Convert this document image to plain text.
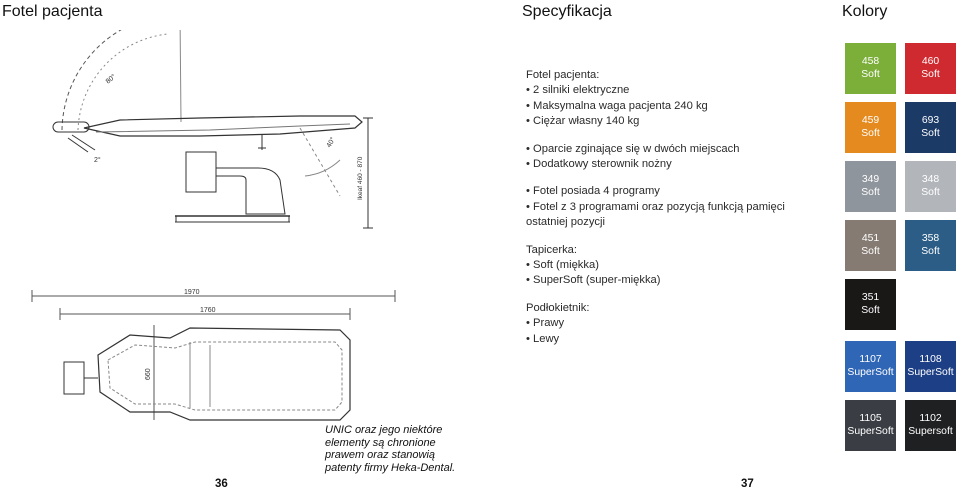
Fotel pacjenta	Specyfikacja	Kolory
80°
2°
40°
Ikeaf 460 - 870
1970
1760
660
Fotel pacjenta:
• 2 silniki elektryczne
• Maksymalna waga pacjenta 240 kg
• Ciężar własny 140 kg
• Oparcie zginające się w dwóch miejscach
• Dodatkowy sterownik nożny
• Fotel posiada 4 programy
• Fotel z 3 programami oraz pozycją funkcją pamięci ostatniej pozycji
Tapicerka:
• Soft (miękka)
• SuperSoft (super-miękka)
Podłokietnik:
• Prawy
• Lewy
458
Soft
460
Soft
459
Soft
693
Soft
349
Soft
348
Soft
451
Soft
358
Soft
351
Soft
1107
SuperSoft
1108
SuperSoft
1105
SuperSoft
1102
Supersoft
UNIC oraz jego niektóre
elementy są chronione
prawem oraz stanowią
patenty firmy Heka-Dental.
36	37
